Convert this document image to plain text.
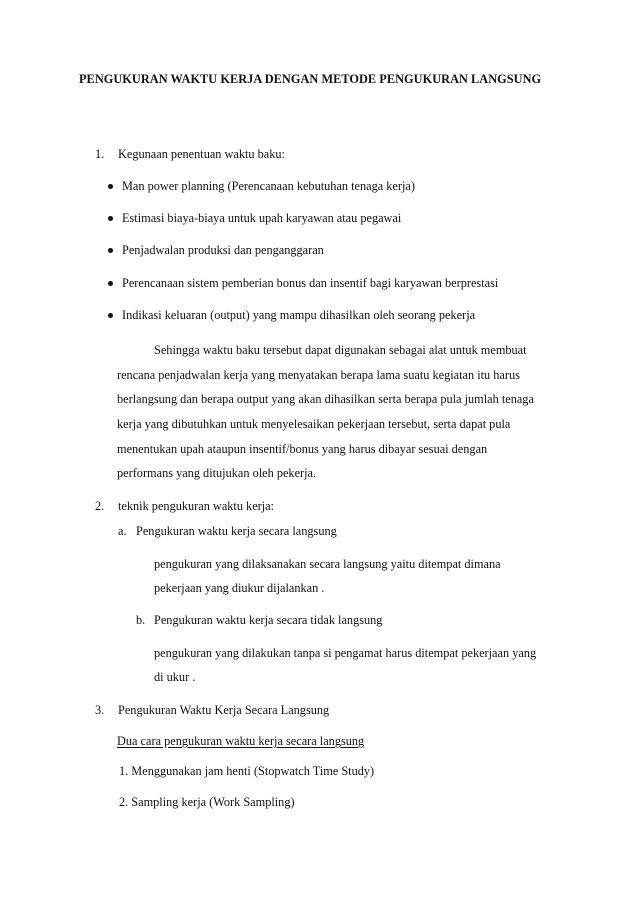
PENGUKURAN WAKTU KERJA DENGAN METODE PENGUKURAN LANGSUNG
1. Kegunaan penentuan waktu baku:
Man power planning (Perencanaan kebutuhan tenaga kerja)
Estimasi biaya-biaya untuk upah karyawan atau pegawai
Penjadwalan produksi dan penganggaran
Perencanaan sistem pemberian bonus dan insentif bagi karyawan berprestasi
Indikasi keluaran (output) yang mampu dihasilkan oleh seorang pekerja
Sehingga waktu baku tersebut dapat digunakan sebagai alat untuk membuat
rencana penjadwalan kerja yang menyatakan berapa lama suatu kegiatan itu harus
berlangsung dan berapa output yang akan dihasilkan serta berapa pula jumlah tenaga
kerja yang dibutuhkan untuk menyelesaikan pekerjaan tersebut, serta dapat pula
menentukan upah ataupun insentif/bonus yang harus dibayar sesuai dengan
performans yang ditujukan oleh pekerja.
2. teknik pengukuran waktu kerja:
a. Pengukuran waktu kerja secara langsung
pengukuran yang dilaksanakan secara langsung yaitu ditempat dimana
pekerjaan yang diukur dijalankan .
b. Pengukuran waktu kerja secara tidak langsung
pengukuran yang dilakukan tanpa si pengamat harus ditempat pekerjaan yang
di ukur .
3. Pengukuran Waktu Kerja Secara Langsung
Dua cara pengukuran waktu kerja secara langsung
1. Menggunakan jam henti (Stopwatch Time Study)
2. Sampling kerja (Work Sampling)
